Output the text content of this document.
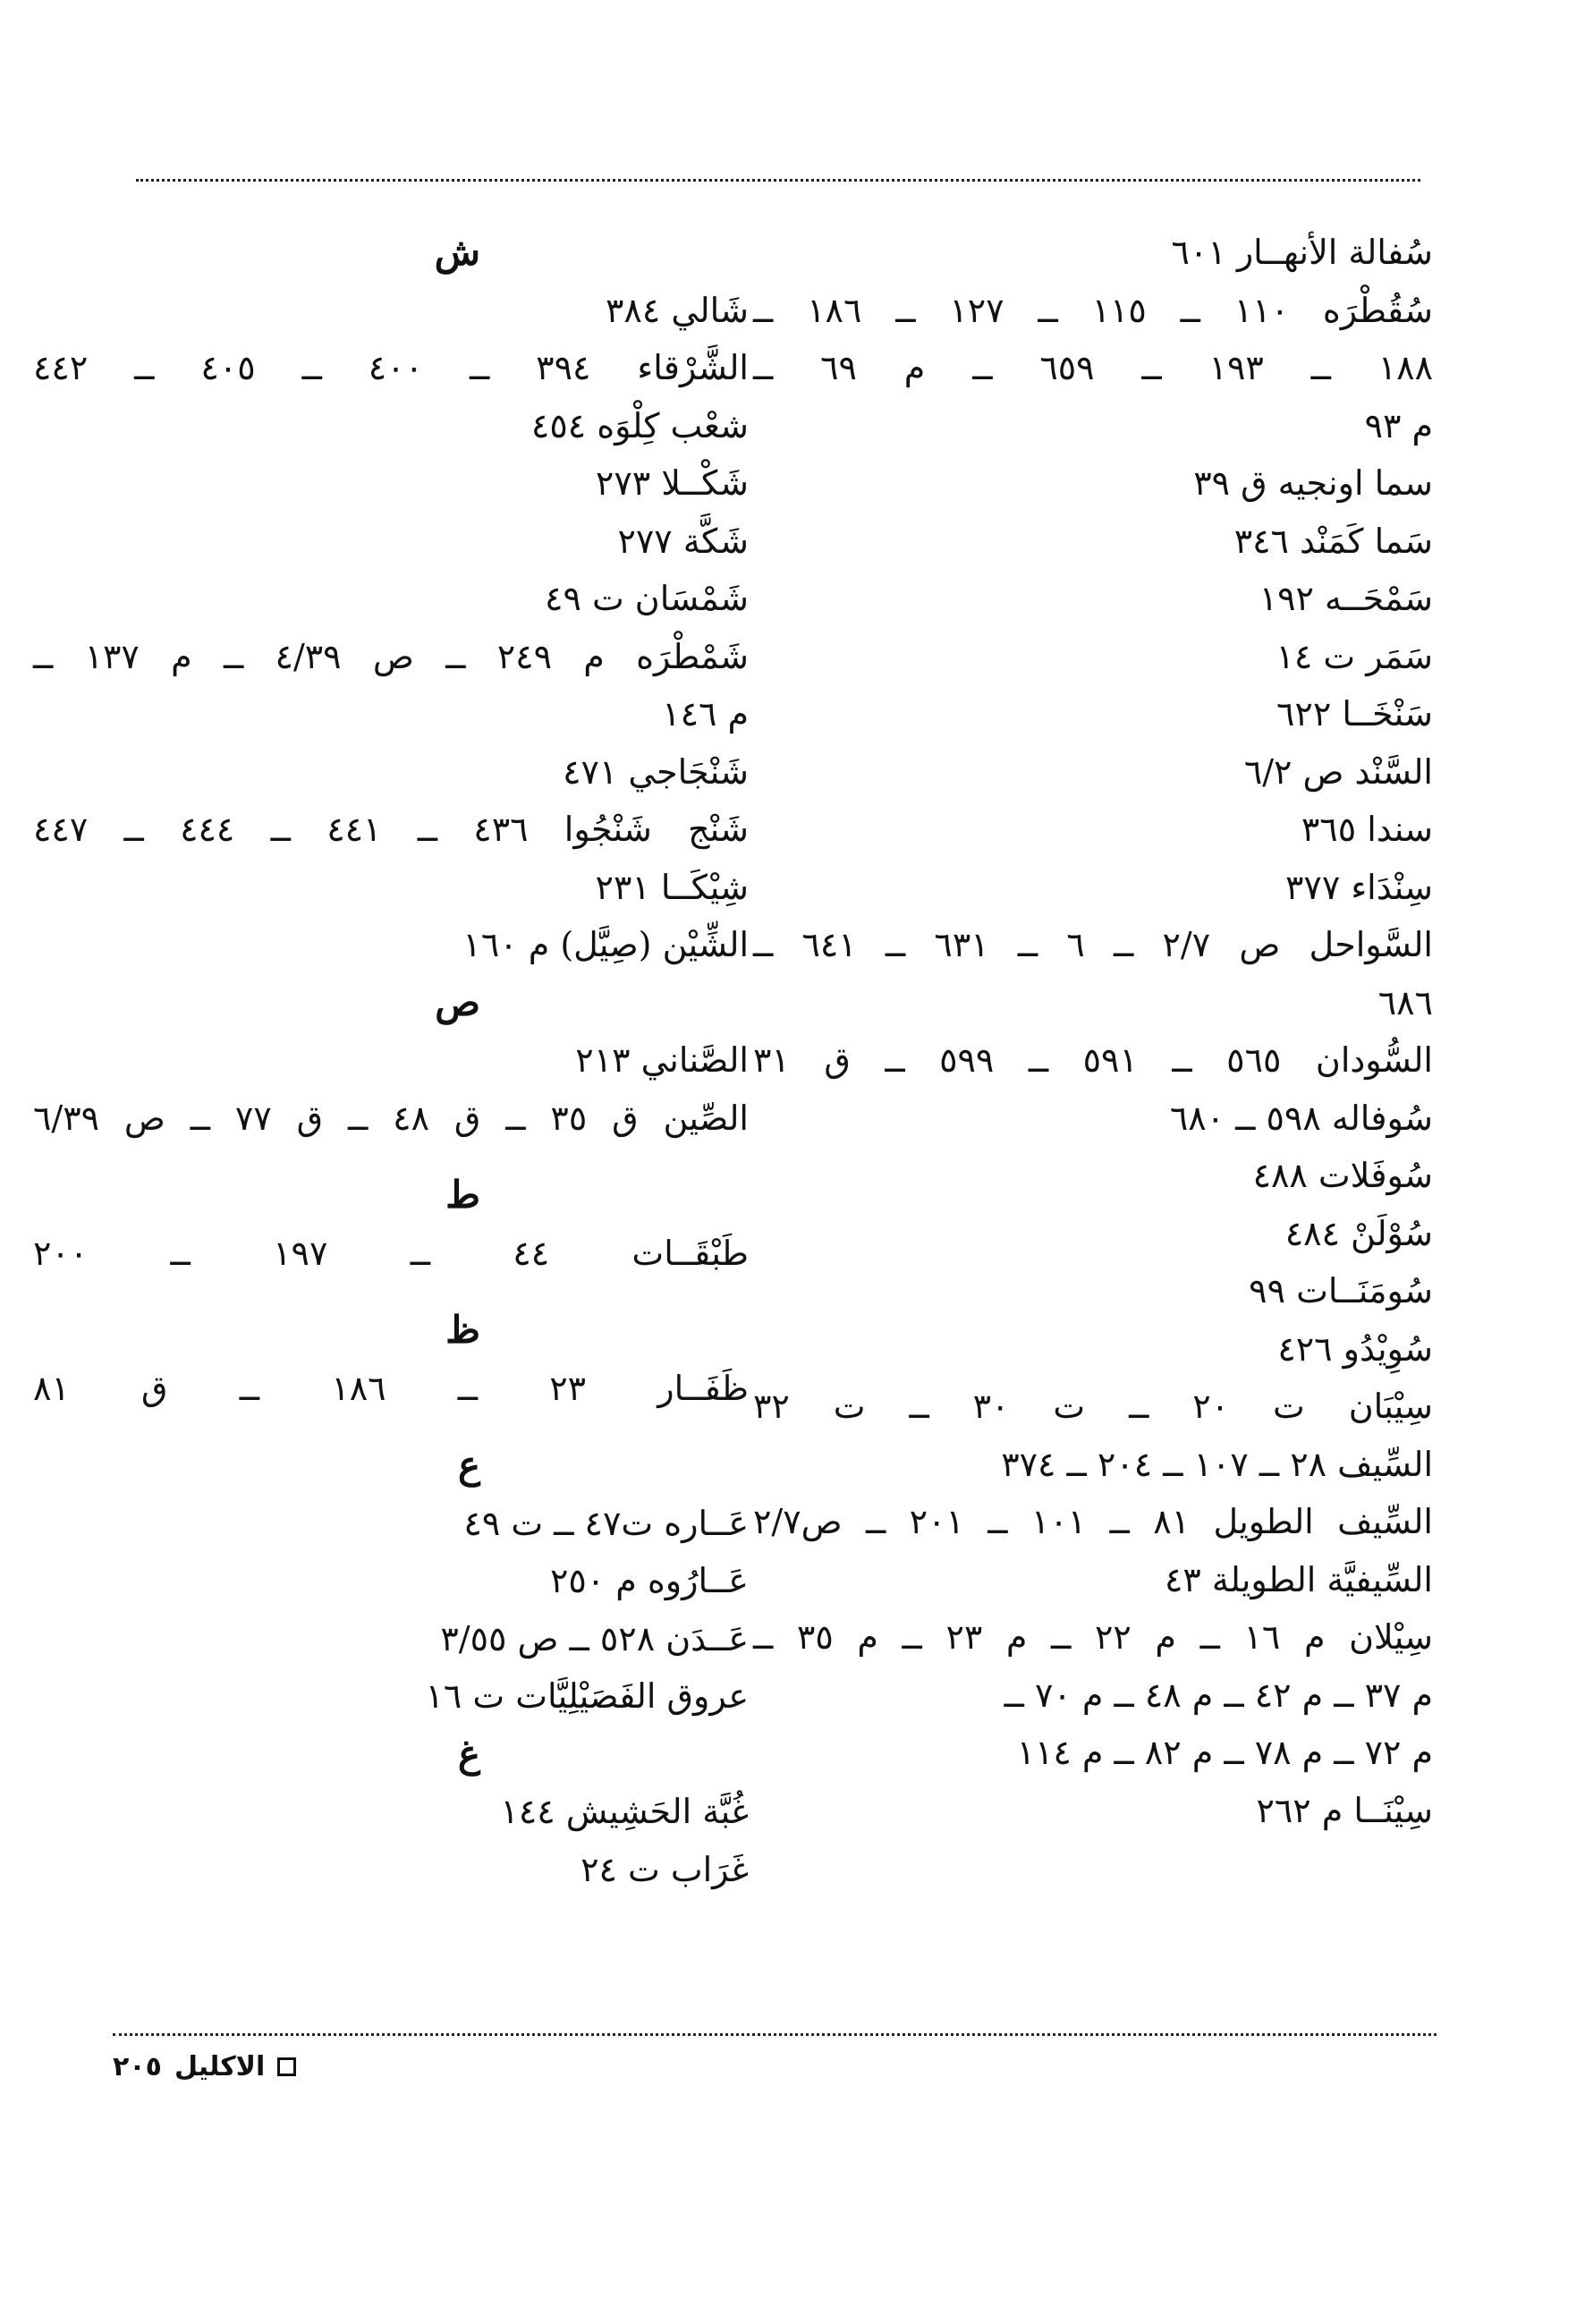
سُفالة الأنهــار ٦٠١
سُقُطْرَه ١١٠ ــ ١١٥ ــ ١٢٧ ــ ١٨٦ ــ
١٨٨ ــ ١٩٣ ــ ٦٥٩ ــ م ٦٩ ــ
م ٩٣
سما اونجيه ق ٣٩
سَما كَمَنْد ٣٤٦
سَمْحَــه ١٩٢
سَمَر ت ١٤
سَنْخَــا ٦٢٢
السَّنْد ص ٦/٢
سندا ٣٦٥
سِنْدَاء ٣٧٧
السَّواحل ص ٢/٧ ــ ٦ ــ ٦٣١ ــ ٦٤١ ــ
٦٨٦
السُّودان ٥٦٥ ــ ٥٩١ ــ ٥٩٩ ــ ق ٣١
سُوفاله ٥٩٨ ــ ٦٨٠
سُوفَلات ٤٨٨
سُوْلَنْ ٤٨٤
سُومَنَــات ٩٩
سُوِيْدُو ٤٢٦
سِيْبَان ت ٢٠ ــ ت ٣٠ ــ ت ٣٢
السِّيف ٢٨ ــ ١٠٧ ــ ٢٠٤ ــ ٣٧٤
السِّيف الطويل ٨١ ــ ١٠١ ــ ٢٠١ ــ ص٢/٧
السِّيفيَّة الطويلة ٤٣
سِيْلان م ١٦ ــ م ٢٢ ــ م ٢٣ ــ م ٣٥ ــ
م ٣٧ ــ م ٤٢ ــ م ٤٨ ــ م ٧٠ ــ
م ٧٢ ــ م ٧٨ ــ م ٨٢ ــ م ١١٤
سِيْنَــا م ٢٦٢
ش
شَالي ٣٨٤
الشَّرْقاء ٣٩٤ ــ ٤٠٠ ــ ٤٠٥ ــ ٤٤٢
شعْب كِلْوَه ٤٥٤
شَكْــلا ٢٧٣
شَكَّة ٢٧٧
شَمْسَان ت ٤٩
شَمْطْرَه م ٢٤٩ ــ ص ٤/٣٩ ــ م ١٣٧ ــ
م ١٤٦
شَنْجَاجي ٤٧١
شَنْج شَنْجُوا ٤٣٦ ــ ٤٤١ ــ ٤٤٤ ــ ٤٤٧
شِيْكَــا ٢٣١
الشِّيْن (صِيَّل) م ١٦٠
ص
الصَّناني ٢١٣
الصِّين ق ٣٥ ــ ق ٤٨ ــ ق ٧٧ ــ ص ٦/٣٩
ط
طَبْقَــات ٤٤ ــ ١٩٧ ــ ٢٠٠
ظ
ظَفَــار ٢٣ ــ ١٨٦ ــ ق ٨١
ع
عَــاره ت٤٧ ــ ت ٤٩
عَــارُوه م ٢٥٠
عَــدَن ٥٢٨ ــ ص ٣/٥٥
عروق الفَصَيْلِيَّات ت ١٦
غ
غُبَّة الحَشِيش ١٤٤
غَرَاب ت ٢٤
الاكليل
٢٠٥
